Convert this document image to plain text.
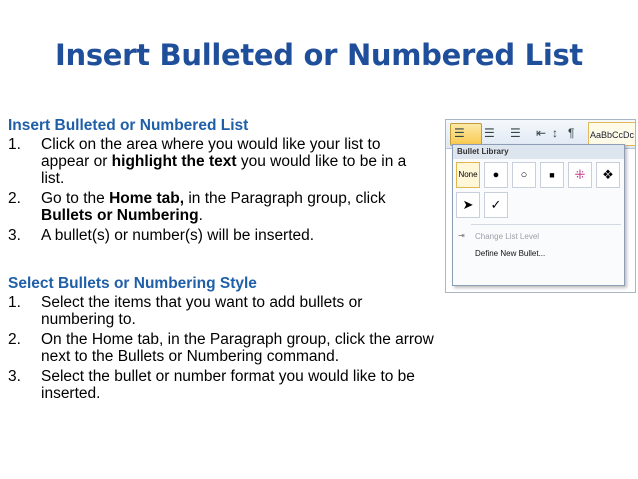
Insert Bulleted or Numbered List
Insert Bulleted or Numbered List
1. Click on the area where you would like your list to appear or highlight the text you would like to be in a list.
2. Go to the Home tab, in the Paragraph group, click Bullets or Numbering.
3. A bullet(s) or number(s) will be inserted.
Select Bullets or Numbering Style
1. Select the items that you want to add bullets or numbering to.
2. On the Home tab, in the Paragraph group, click the arrow next to the Bullets or Numbering command.
3. Select the bullet or number format you would like to be inserted.
☰ ☰ ☰ ⇤ ↕ ¶ AaBbCcDc
Bullet Library
None	●	○	■	⁜	❖
➤	✓
⇥	Change List Level
Define New Bullet...
